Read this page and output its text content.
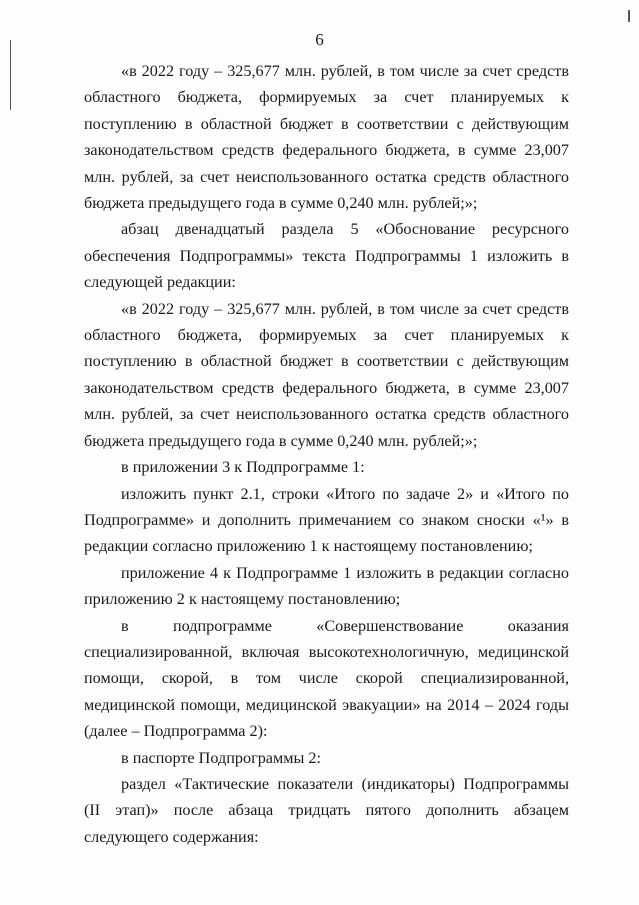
6

«в 2022 году – 325,677 млн. рублей, в том числе за счет средств областного бюджета, формируемых за счет планируемых к поступлению в областной бюджет в соответствии с действующим законодательством средств федерального бюджета, в сумме 23,007 млн. рублей, за счет неиспользованного остатка средств областного бюджета предыдущего года в сумме 0,240 млн. рублей;»;

абзац двенадцатый раздела 5 «Обоснование ресурсного обеспечения Подпрограммы» текста Подпрограммы 1 изложить в следующей редакции:

«в 2022 году – 325,677 млн. рублей, в том числе за счет средств областного бюджета, формируемых за счет планируемых к поступлению в областной бюджет в соответствии с действующим законодательством средств федерального бюджета, в сумме 23,007 млн. рублей, за счет неиспользованного остатка средств областного бюджета предыдущего года в сумме 0,240 млн. рублей;»;

в приложении 3 к Подпрограмме 1:

изложить пункт 2.1, строки «Итого по задаче 2» и «Итого по Подпрограмме» и дополнить примечанием со знаком сноски «¹» в редакции согласно приложению 1 к настоящему постановлению;

приложение 4 к Подпрограмме 1 изложить в редакции согласно приложению 2 к настоящему постановлению;

в подпрограмме «Совершенствование оказания специализированной, включая высокотехнологичную, медицинской помощи, скорой, в том числе скорой специализированной, медицинской помощи, медицинской эвакуации» на 2014 – 2024 годы (далее – Подпрограмма 2):

в паспорте Подпрограммы 2:

раздел «Тактические показатели (индикаторы) Подпрограммы (II этап)» после абзаца тридцать пятого дополнить абзацем следующего содержания:
